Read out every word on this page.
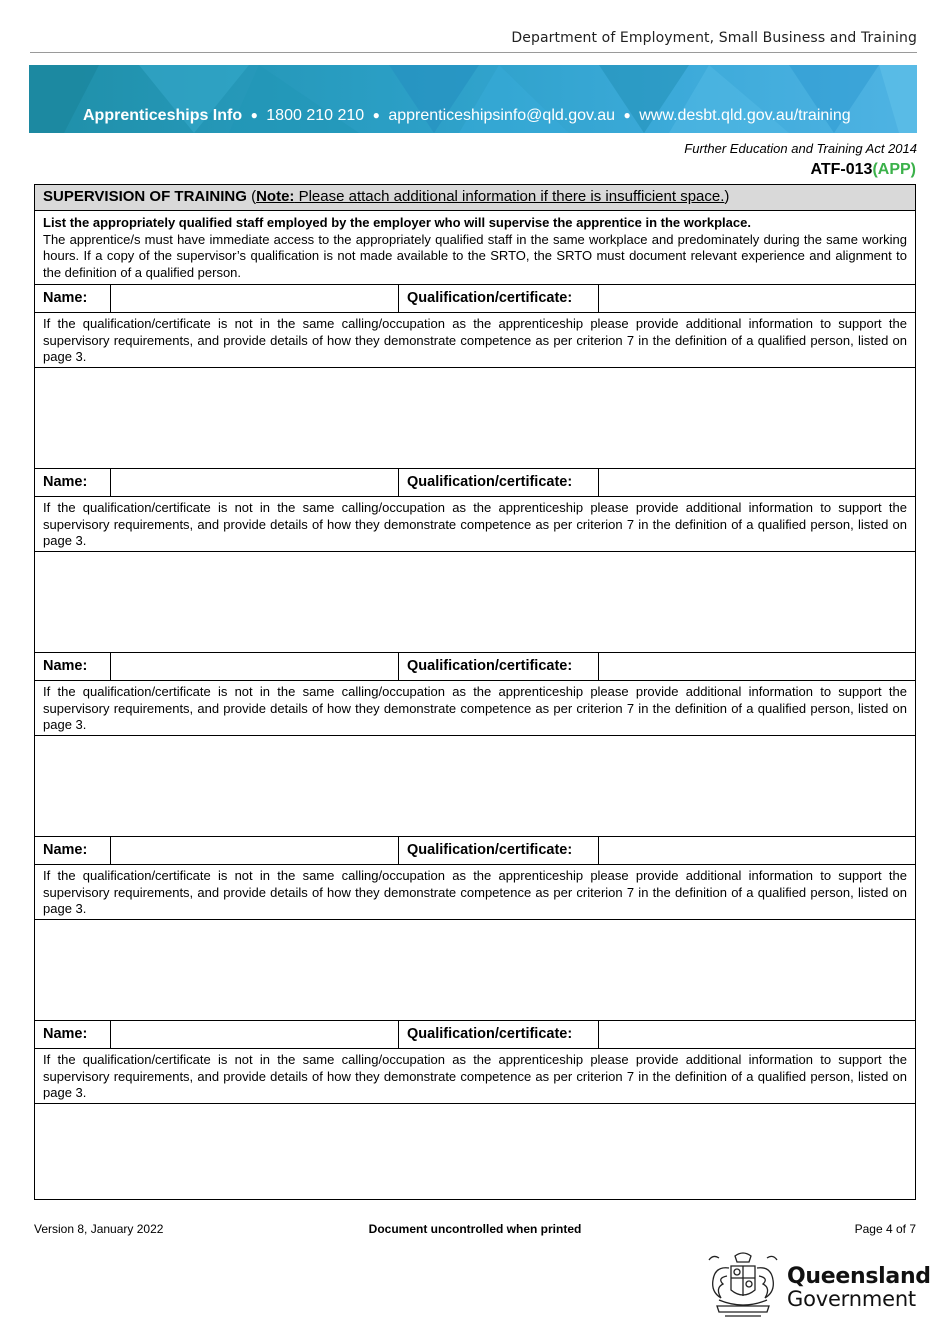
Department of Employment, Small Business and Training
Apprenticeships Info ● 1800 210 210 ● apprenticeshipsinfo@qld.gov.au ● www.desbt.qld.gov.au/training
Further Education and Training Act 2014
ATF-013(APP)
SUPERVISION OF TRAINING (Note: Please attach additional information if there is insufficient space.)

List the appropriately qualified staff employed by the employer who will supervise the apprentice in the workplace.

The apprentice/s must have immediate access to the appropriately qualified staff in the same workplace and predominately during the same working hours. If a copy of the supervisor’s qualification is not made available to the SRTO, the SRTO must document relevant experience and alignment to the definition of a qualified person.

Name:	Qualification/certificate:
If the qualification/certificate is not in the same calling/occupation as the apprenticeship please provide additional information to support the supervisory requirements, and provide details of how they demonstrate competence as per criterion 7 in the definition of a qualified person, listed on page 3.
Name:	Qualification/certificate:
If the qualification/certificate is not in the same calling/occupation as the apprenticeship please provide additional information to support the supervisory requirements, and provide details of how they demonstrate competence as per criterion 7 in the definition of a qualified person, listed on page 3.
Name:	Qualification/certificate:
If the qualification/certificate is not in the same calling/occupation as the apprenticeship please provide additional information to support the supervisory requirements, and provide details of how they demonstrate competence as per criterion 7 in the definition of a qualified person, listed on page 3.
Name:	Qualification/certificate:
If the qualification/certificate is not in the same calling/occupation as the apprenticeship please provide additional information to support the supervisory requirements, and provide details of how they demonstrate competence as per criterion 7 in the definition of a qualified person, listed on page 3.
Name:	Qualification/certificate:
If the qualification/certificate is not in the same calling/occupation as the apprenticeship please provide additional information to support the supervisory requirements, and provide details of how they demonstrate competence as per criterion 7 in the definition of a qualified person, listed on page 3.
Version 8, January 2022	Document uncontrolled when printed	Page 4 of 7
Queensland
Government
